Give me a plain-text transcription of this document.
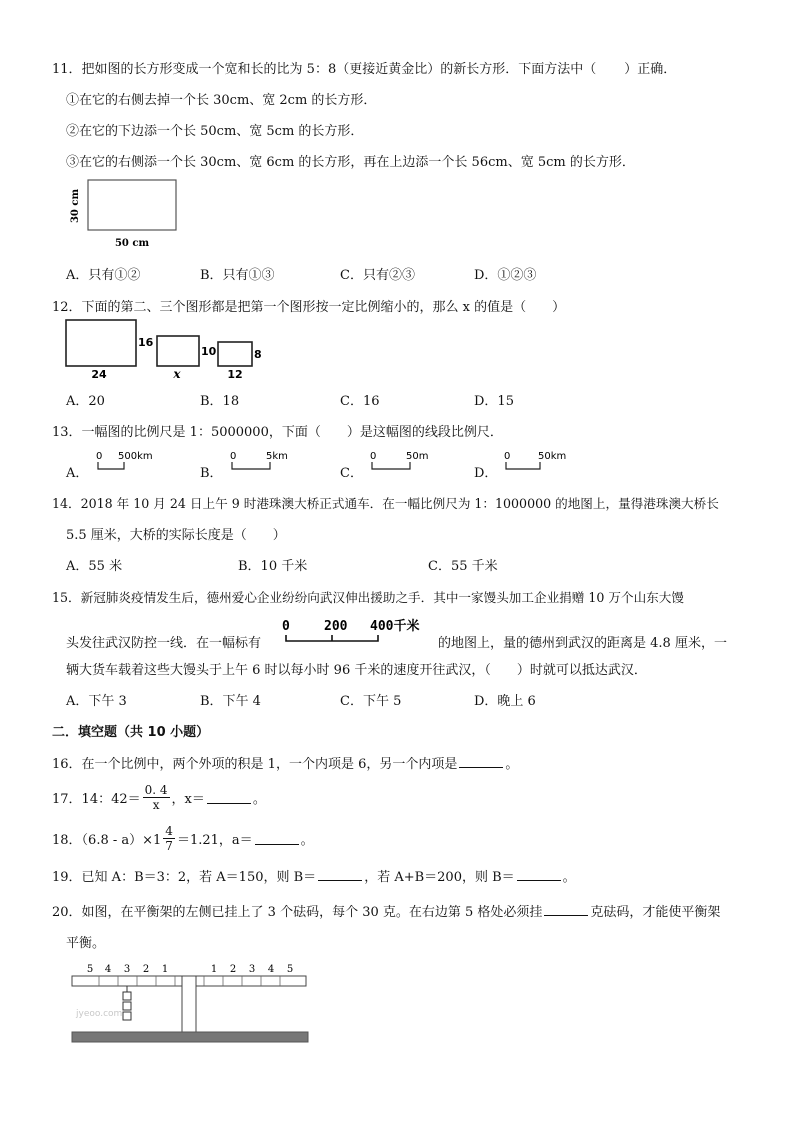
11．把如图的长方形变成一个宽和长的比为 5：8（更接近黄金比）的新长方形．下面方法中（ ）正确．
①在它的右侧去掉一个长 30cm、宽 2cm 的长方形．
②在它的下边添一个长 50cm、宽 5cm 的长方形．
③在它的右侧添一个长 30cm、宽 6cm 的长方形，再在上边添一个长 56cm、宽 5cm 的长方形．
30 cm
50 cm
A．只有①②	B．只有①③	C．只有②③	D．①②③
12．下面的第二、三个图形都是把第一个图形按一定比例缩小的，那么 x 的值是（　　）
16
24
10
x
8
12
A．20	B．18	C．16	D．15
13．一幅图的比例尺是 1：5000000，下面（　　）是这幅图的线段比例尺．
A．
0 500km
B．
0	5km
C．
0	50m
D．
0	50km
14．2018 年 10 月 24 日上午 9 时港珠澳大桥正式通车．在一幅比例尺为 1：1000000 的地图上，量得港珠澳大桥长
5.5 厘米，大桥的实际长度是（　　）
A．55 米	B．10 千米	C．55 千米
15．新冠肺炎疫情发生后，德州爱心企业纷纷向武汉伸出援助之手．其中一家馒头加工企业捐赠 10 万个山东大馒
头发往武汉防控一线．在一幅标有
0	200 400千米
的地图上，量的德州到武汉的距离是 4.8 厘米，一
辆大货车载着这些大馒头于上午 6 时以每小时 96 千米的速度开往武汉，（　　）时就可以抵达武汉．
A．下午 3	B．下午 4	C．下午 5	D．晚上 6
二．填空题（共 10 小题）
16．在一个比例中，两个外项的积是 1，一个内项是 6，另一个内项是	。
17．14：$42= \frac{0. 4}{x}$ ，x＝	。
18．$(6.8 - a)\times 1 \frac{4}{7} =1.21$，a＝	。
19．已知 A：B＝3：2，若 A＝150，则 B＝	，若 A+B＝200，则 B＝	。
20．如图，在平衡架的左侧已挂上了 3 个砝码，每个 30 克。在右边第 5 格处必须挂	克砝码，才能使平衡架
平衡。
5 4 3 2 1	1 2 3 4 5
jyeoo.com
